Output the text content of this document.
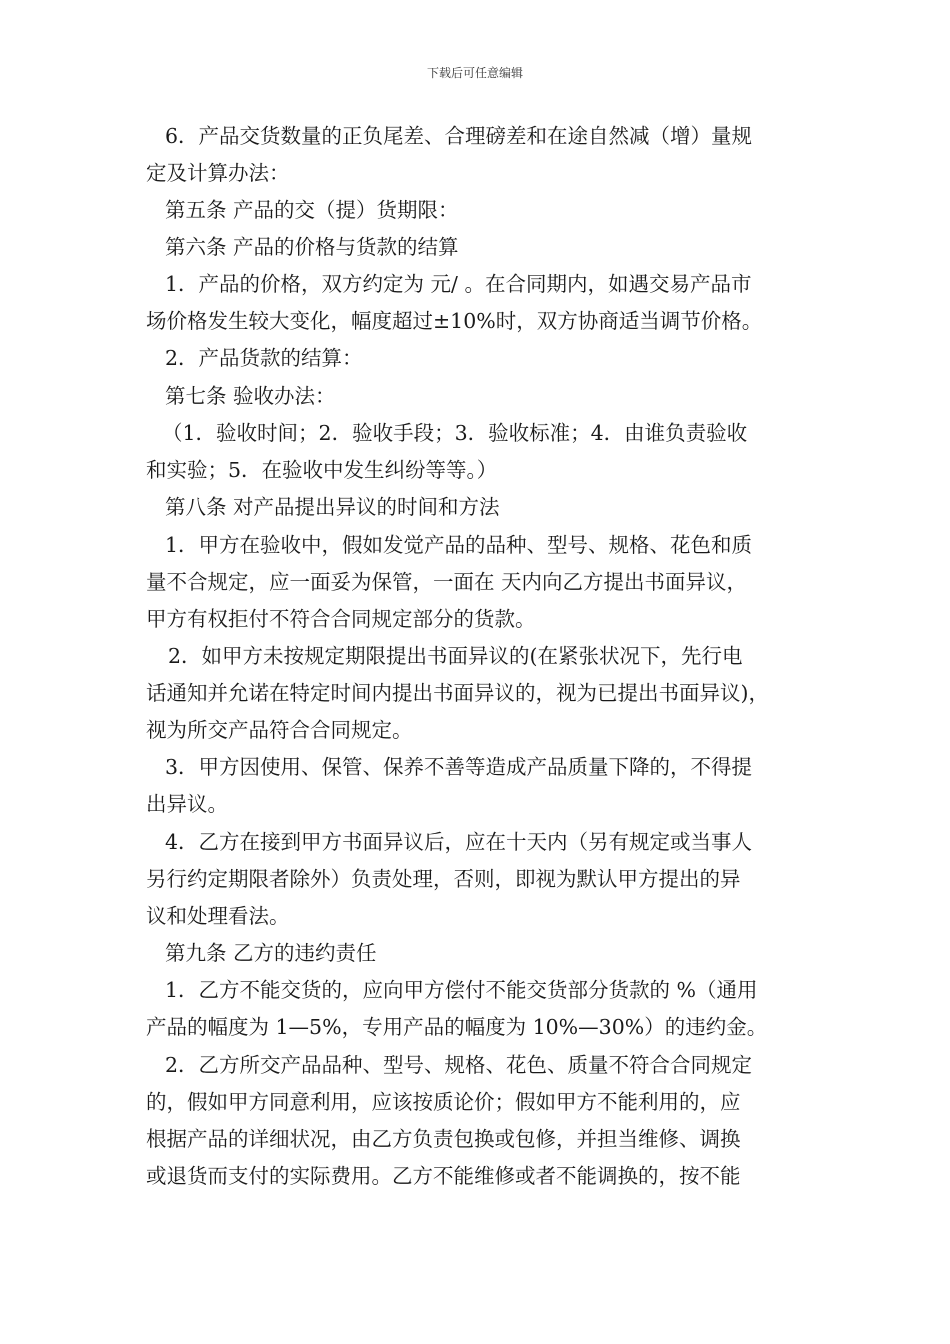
下载后可任意编辑
6．产品交货数量的正负尾差、合理磅差和在途自然减（增）量规
定及计算办法：
第五条 产品的交（提）货期限：
第六条 产品的价格与货款的结算
1．产品的价格，双方约定为 元/ 。在合同期内，如遇交易产品市
场价格发生较大变化，幅度超过±10%时，双方协商适当调节价格。
2．产品货款的结算：
第七条 验收办法：
（1．验收时间；2．验收手段；3．验收标准；4．由谁负责验收
和实验；5．在验收中发生纠纷等等。）
第八条 对产品提出异议的时间和方法
1．甲方在验收中，假如发觉产品的品种、型号、规格、花色和质
量不合规定，应一面妥为保管，一面在 天内向乙方提出书面异议，
甲方有权拒付不符合合同规定部分的货款。
2．如甲方未按规定期限提出书面异议的(在紧张状况下，先行电
话通知并允诺在特定时间内提出书面异议的，视为已提出书面异议)，
视为所交产品符合合同规定。
3．甲方因使用、保管、保养不善等造成产品质量下降的，不得提
出异议。
4．乙方在接到甲方书面异议后，应在十天内（另有规定或当事人
另行约定期限者除外）负责处理，否则，即视为默认甲方提出的异
议和处理看法。
第九条 乙方的违约责任
1．乙方不能交货的，应向甲方偿付不能交货部分货款的 %（通用
产品的幅度为 1—5%，专用产品的幅度为 10%—30%）的违约金。
2．乙方所交产品品种、型号、规格、花色、质量不符合合同规定
的，假如甲方同意利用，应该按质论价；假如甲方不能利用的，应
根据产品的详细状况，由乙方负责包换或包修，并担当维修、调换
或退货而支付的实际费用。乙方不能维修或者不能调换的，按不能
